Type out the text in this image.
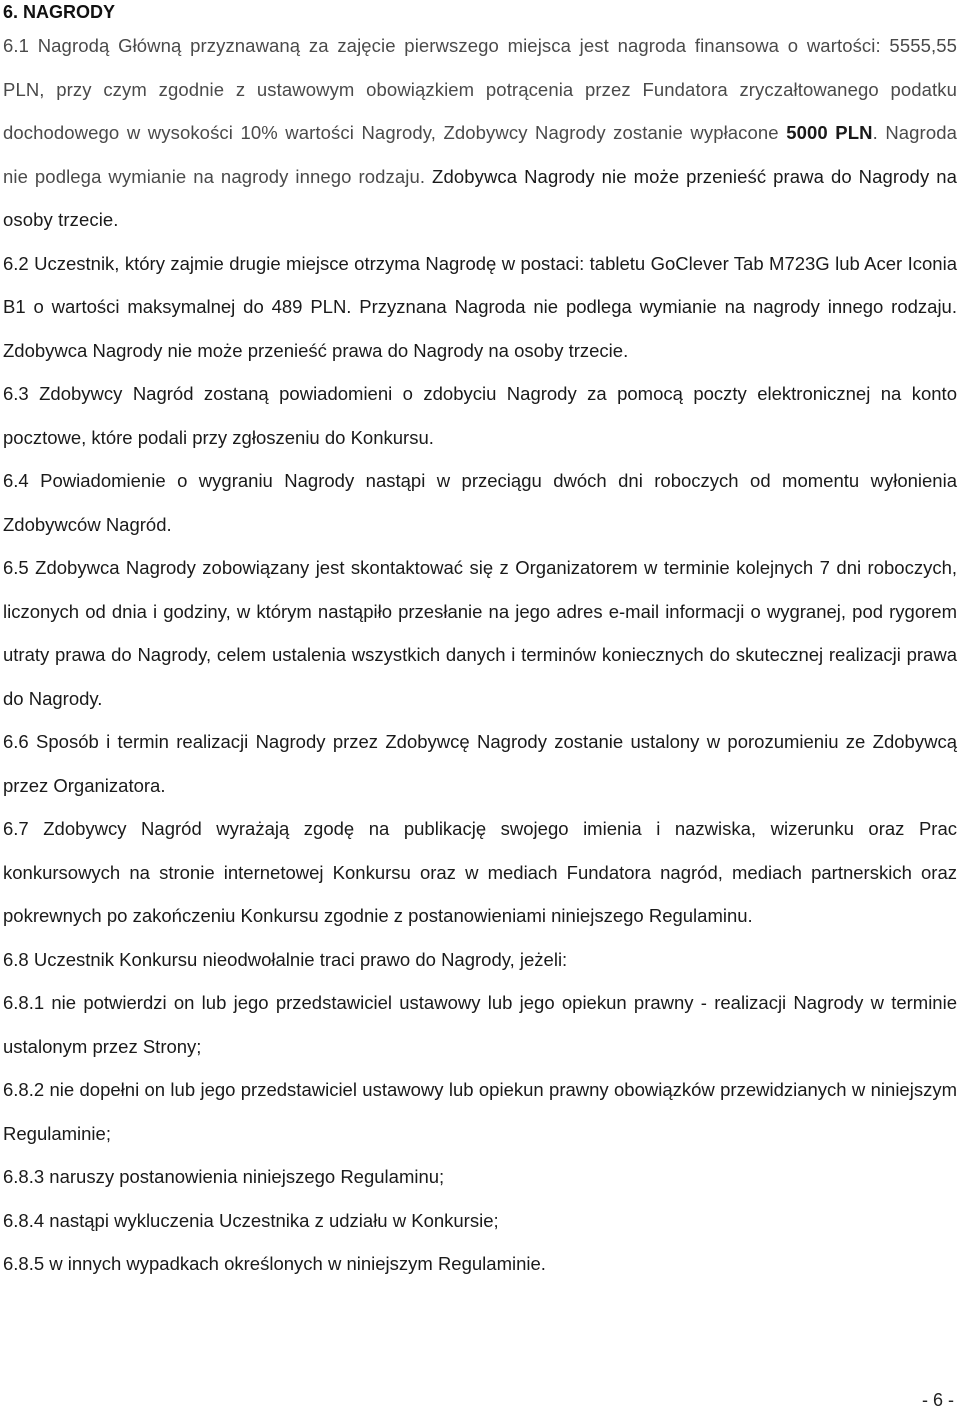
6. NAGRODY

6.1 Nagrodą Główną przyznawaną za zajęcie pierwszego miejsca jest nagroda finansowa o wartości: 5555,55 PLN, przy czym zgodnie z ustawowym obowiązkiem potrącenia przez Fundatora zryczałtowanego podatku dochodowego w wysokości 10% wartości Nagrody, Zdobywcy Nagrody zostanie wypłacone 5000 PLN. Nagroda nie podlega wymianie na nagrody innego rodzaju. Zdobywca Nagrody nie może przenieść prawa do Nagrody na osoby trzecie.

6.2 Uczestnik, który zajmie drugie miejsce otrzyma Nagrodę w postaci: tabletu GoClever Tab M723G lub Acer Iconia B1 o wartości maksymalnej do 489 PLN. Przyznana Nagroda nie podlega wymianie na nagrody innego rodzaju. Zdobywca Nagrody nie może przenieść prawa do Nagrody na osoby trzecie.

6.3 Zdobywcy Nagród zostaną powiadomieni o zdobyciu Nagrody za pomocą poczty elektronicznej na konto pocztowe, które podali przy zgłoszeniu do Konkursu.

6.4 Powiadomienie o wygraniu Nagrody nastąpi w przeciągu dwóch dni roboczych od momentu wyłonienia Zdobywców Nagród.

6.5 Zdobywca Nagrody zobowiązany jest skontaktować się z Organizatorem w terminie kolejnych 7 dni roboczych, liczonych od dnia i godziny, w którym nastąpiło przesłanie na jego adres e-mail informacji o wygranej, pod rygorem utraty prawa do Nagrody, celem ustalenia wszystkich danych i terminów koniecznych do skutecznej realizacji prawa do Nagrody.

6.6 Sposób i termin realizacji Nagrody przez Zdobywcę Nagrody zostanie ustalony w porozumieniu ze Zdobywcą przez Organizatora.

6.7 Zdobywcy Nagród wyrażają zgodę na publikację swojego imienia i nazwiska, wizerunku oraz Prac konkursowych na stronie internetowej Konkursu oraz w mediach Fundatora nagród, mediach partnerskich oraz pokrewnych po zakończeniu Konkursu zgodnie z postanowieniami niniejszego Regulaminu.

6.8 Uczestnik Konkursu nieodwołalnie traci prawo do Nagrody, jeżeli:

6.8.1 nie potwierdzi on lub jego przedstawiciel ustawowy lub jego opiekun prawny - realizacji Nagrody w terminie ustalonym przez Strony;

6.8.2 nie dopełni on lub jego przedstawiciel ustawowy lub opiekun prawny obowiązków przewidzianych w niniejszym Regulaminie;

6.8.3 naruszy postanowienia niniejszego Regulaminu;

6.8.4 nastąpi wykluczenia Uczestnika z udziału w Konkursie;

6.8.5 w innych wypadkach określonych w niniejszym Regulaminie.

- 6 -
